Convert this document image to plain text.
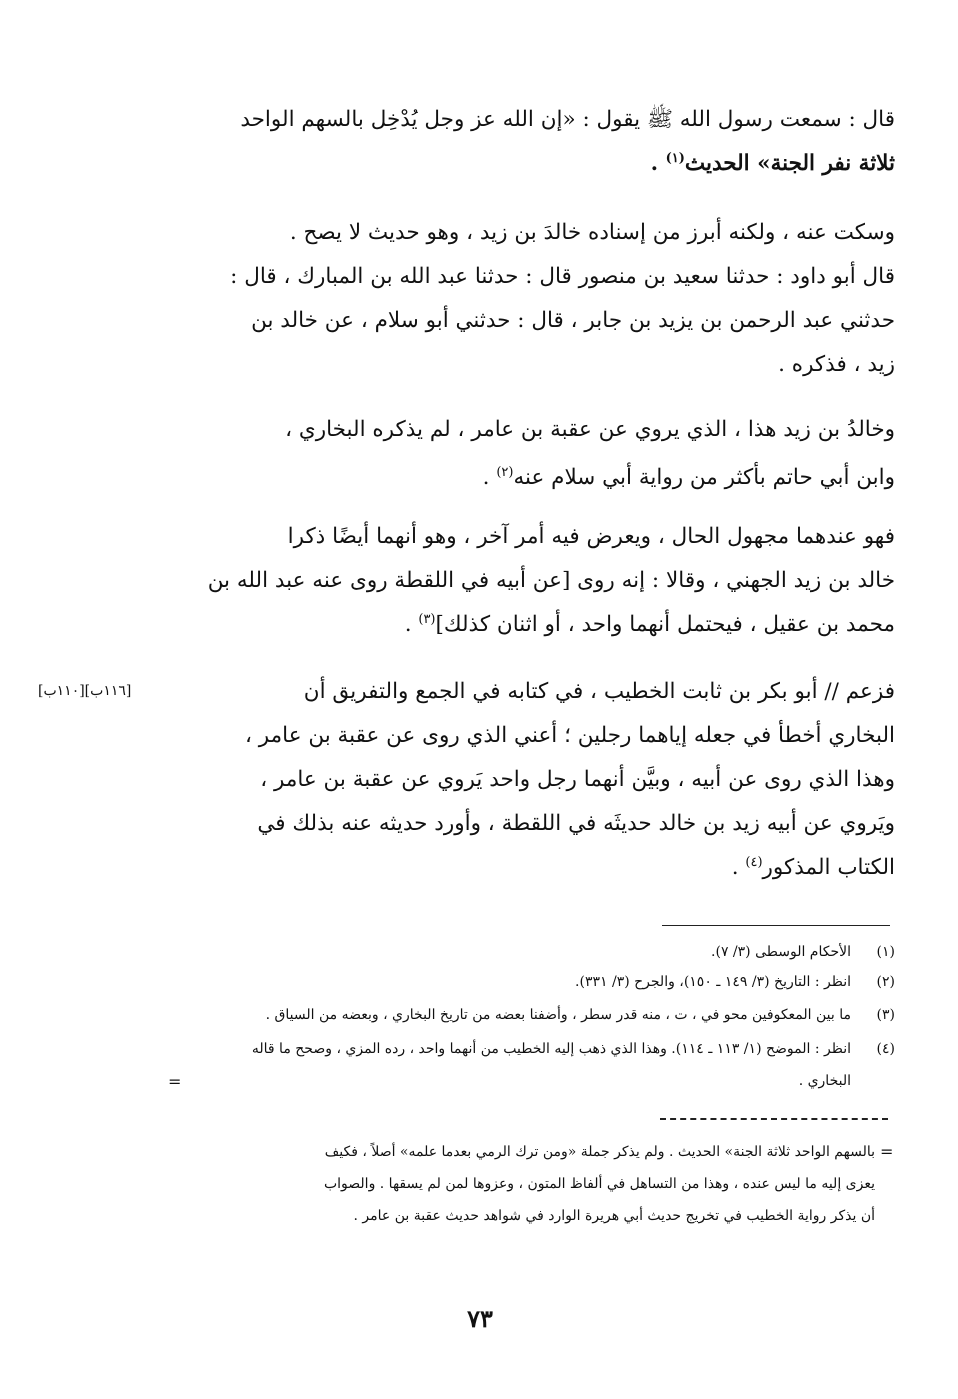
قال : سمعت رسول الله ﷺ يقول : «إن الله عز وجل يُدْخِل بالسهم الواحد

ثلاثة نفر الجنة» الحديث$^{(١)}$ .

وسكت عنه ، ولكنه أبرز من إسناده خالدَ بن زيد ، وهو حديث لا يصح .

قال أبو داود : حدثنا سعيد بن منصور قال : حدثنا عبد الله بن المبارك ، قال :

حدثني عبد الرحمن بن يزيد بن جابر ، قال : حدثني أبو سلام ، عن خالد بن

زيد ، فذكره .

وخالدُ بن زيد هذا ، الذي يروي عن عقبة بن عامر ، لم يذكره البخاري ،

وابن أبي حاتم بأكثر من رواية أبي سلام عنه$^{(٢)}$ .

فهو عندهما مجهول الحال ، ويعرض فيه أمر آخر ، وهو أنهما أيضًا ذكرا

خالد بن زيد الجهني ، وقالا : إنه روى [عن أبيه في اللقطة روى عنه عبد الله بن

محمد بن عقيل ، فيحتمل أنهما واحد ، أو اثنان كذلك]$^{(٣)}$ .

فزعم // أبو بكر بن ثابت الخطيب ، في كتابه في الجمع والتفريق أن

البخاري أخطأ في جعله إياهما رجلين ؛ أعني الذي روى عن عقبة بن عامر ،

وهذا الذي روى عن أبيه ، وبيَّن أنهما رجل واحد يَروي عن عقبة بن عامر ،

ويَروي عن أبيه زيد بن خالد حديثَه في اللقطة ، وأورد حديثه عنه بذلك في

الكتاب المذكور$^{(٤)}$ .

[١١٦ب][١١٠ب]

(١)الأحكام الوسطى (٣/ ٧).

(٢)انظر : التاريخ (٣/ ١٤٩ ـ ١٥٠)، والجرح (٣/ ٣٣١).

(٣)ما بين المعكوفين محو في ، ت ، منه قدر سطر ، وأضفنا بعضه من تاريخ البخاري ، وبعضه من السياق .

(٤)انظر : الموضح (١/ ١١٣ ـ ١١٤). وهذا الذي ذهب إليه الخطيب من أنهما واحد ، رده المزي ، وصحح ما قاله

البخاري .

=
=

بالسهم الواحد ثلاثة الجنة» الحديث . ولم يذكر جملة «ومن ترك الرمي بعدما علمه» أصلاً ، فكيف

يعزى إليه ما ليس عنده ، وهذا من التساهل في ألفاظ المتون ، وعزوها لمن لم يسقها . والصواب

أن يذكر رواية الخطيب في تخريج حديث أبي هريرة الوارد في شواهد حديث عقبة بن عامر .

٧٣
